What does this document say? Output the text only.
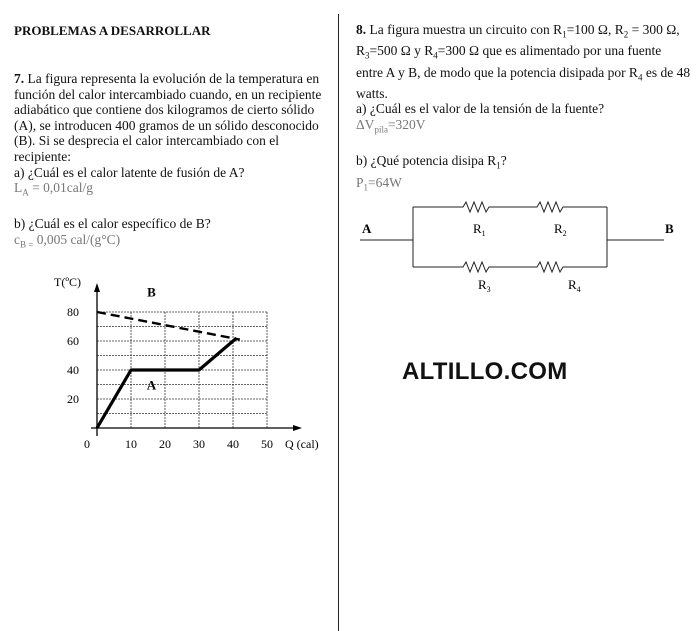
PROBLEMAS A DESARROLLAR
7. La figura representa la evolución de la temperatura en función del calor intercambiado cuando, en un recipiente adiabático que contiene dos kilogramos de cierto sólido (A), se introducen 400 gramos de un sólido desconocido (B). Si se desprecia el calor intercambiado con el recipiente:
a) ¿Cuál es el calor latente de fusión de A?
$L_A = 0,01cal/g$
b) ¿Cuál es el calor específico de B?
$c_{B =}$ 0,005 cal/(g°C)
0	10 20 30 40 50
20
40
60
80
Q (cal)
T(ºC)
B
A
8. La figura muestra un circuito con $R_1=100$ Ω, $R_2 = 300$ Ω, $R_3=500$ Ω y $R_4=300$ Ω que es alimentado por una fuente entre A y B, de modo que la potencia disipada por $R_4$ es de 48 watts.
a) ¿Cuál es el valor de la tensión de la fuente?
$\Delta V_{pila}=320V$
b) ¿Qué potencia disipa $R_1$?
$P_1=64W$
A	B
$R_1$	$R_2$
$R_3$	$R_4$
ALTILLO.COM
